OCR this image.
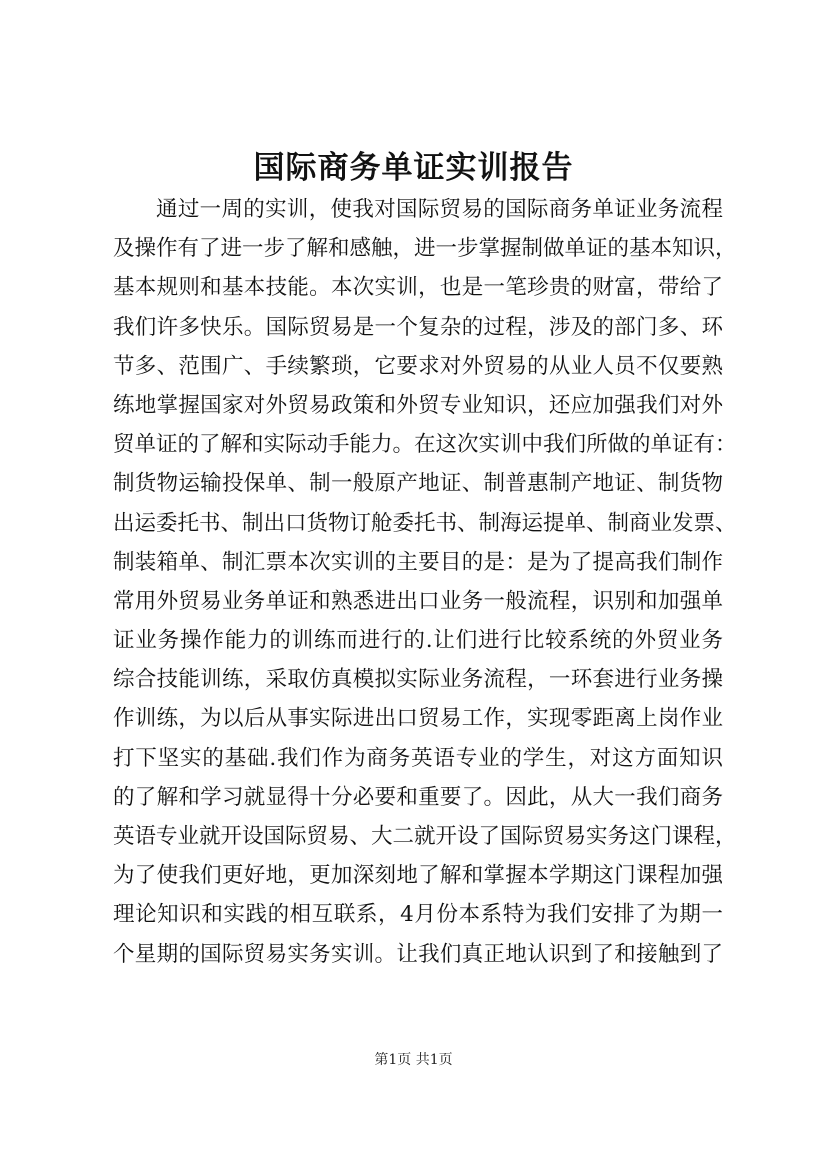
国际商务单证实训报告
通过一周的实训，使我对国际贸易的国际商务单证业务流程
及操作有了进一步了解和感触，进一步掌握制做单证的基本知识，
基本规则和基本技能。本次实训，也是一笔珍贵的财富，带给了
我们许多快乐。国际贸易是一个复杂的过程，涉及的部门多、环
节多、范围广、手续繁琐，它要求对外贸易的从业人员不仅要熟
练地掌握国家对外贸易政策和外贸专业知识，还应加强我们对外
贸单证的了解和实际动手能力。在这次实训中我们所做的单证有：
制货物运输投保单、制一般原产地证、制普惠制产地证、制货物
出运委托书、制出口货物订舱委托书、制海运提单、制商业发票、
制装箱单、制汇票本次实训的主要目的是：是为了提高我们制作
常用外贸易业务单证和熟悉进出口业务一般流程，识别和加强单
证业务操作能力的训练而进行的.让们进行比较系统的外贸业务
综合技能训练，采取仿真模拟实际业务流程，一环套进行业务操
作训练，为以后从事实际进出口贸易工作，实现零距离上岗作业
打下坚实的基础.我们作为商务英语专业的学生，对这方面知识
的了解和学习就显得十分必要和重要了。因此，从大一我们商务
英语专业就开设国际贸易、大二就开设了国际贸易实务这门课程，
为了使我们更好地，更加深刻地了解和掌握本学期这门课程加强
理论知识和实践的相互联系，4月份本系特为我们安排了为期一
个星期的国际贸易实务实训。让我们真正地认识到了和接触到了
第1页 共1页
